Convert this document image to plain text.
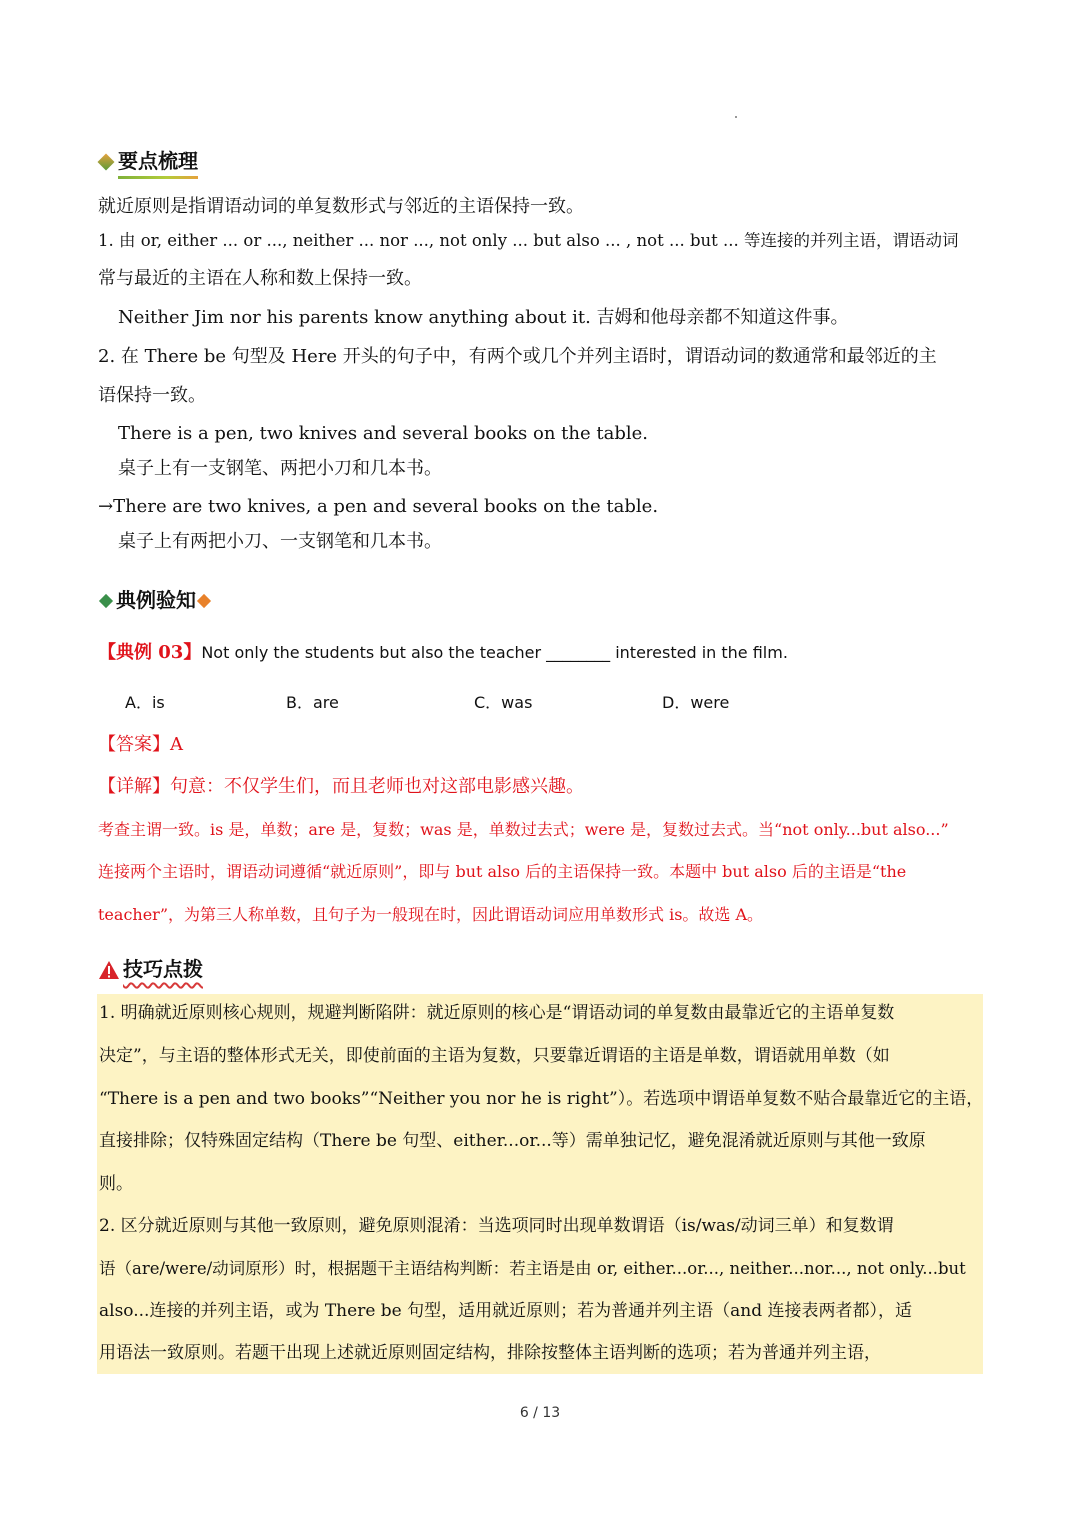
要点梳理
就近原则是指谓语动词的单复数形式与邻近的主语保持一致。
1. 由 or, either ... or ..., neither ... nor ..., not only ... but also ... , not ... but ... 等连接的并列主语，谓语动词
常与最近的主语在人称和数上保持一致。
Neither Jim nor his parents know anything about it. 吉姆和他母亲都不知道这件事。
2. 在 There be 句型及 Here 开头的句子中，有两个或几个并列主语时，谓语动词的数通常和最邻近的主
语保持一致。
There is a pen, two knives and several books on the table.
桌子上有一支钢笔、两把小刀和几本书。
→There are two knives, a pen and several books on the table.
桌子上有两把小刀、一支钢笔和几本书。
典例验知
【典例 03】Not only the students but also the teacher ________ interested in the film.
A．is	B．are	C．was	D．were
【答案】A
【详解】句意：不仅学生们，而且老师也对这部电影感兴趣。
考查主谓一致。is 是，单数；are 是，复数；was 是，单数过去式；were 是，复数过去式。当“not only...but also...”
连接两个主语时，谓语动词遵循“就近原则”，即与 but also 后的主语保持一致。本题中 but also 后的主语是“the
teacher”，为第三人称单数，且句子为一般现在时，因此谓语动词应用单数形式 is。故选 A。
技巧点拨
1. 明确就近原则核心规则，规避判断陷阱：就近原则的核心是“谓语动词的单复数由最靠近它的主语单复数
决定”，与主语的整体形式无关，即使前面的主语为复数，只要靠近谓语的主语是单数，谓语就用单数（如
“There is a pen and two books”“Neither you nor he is right”）。若选项中谓语单复数不贴合最靠近它的主语，
直接排除；仅特殊固定结构（There be 句型、either...or...等）需单独记忆，避免混淆就近原则与其他一致原
则。
2. 区分就近原则与其他一致原则，避免原则混淆：当选项同时出现单数谓语（is/was/动词三单）和复数谓
语（are/were/动词原形）时，根据题干主语结构判断：若主语是由 or, either...or..., neither...nor..., not only...but
also...连接的并列主语，或为 There be 句型，适用就近原则；若为普通并列主语（and 连接表两者都），适
用语法一致原则。若题干出现上述就近原则固定结构，排除按整体主语判断的选项；若为普通并列主语，
6 / 13
